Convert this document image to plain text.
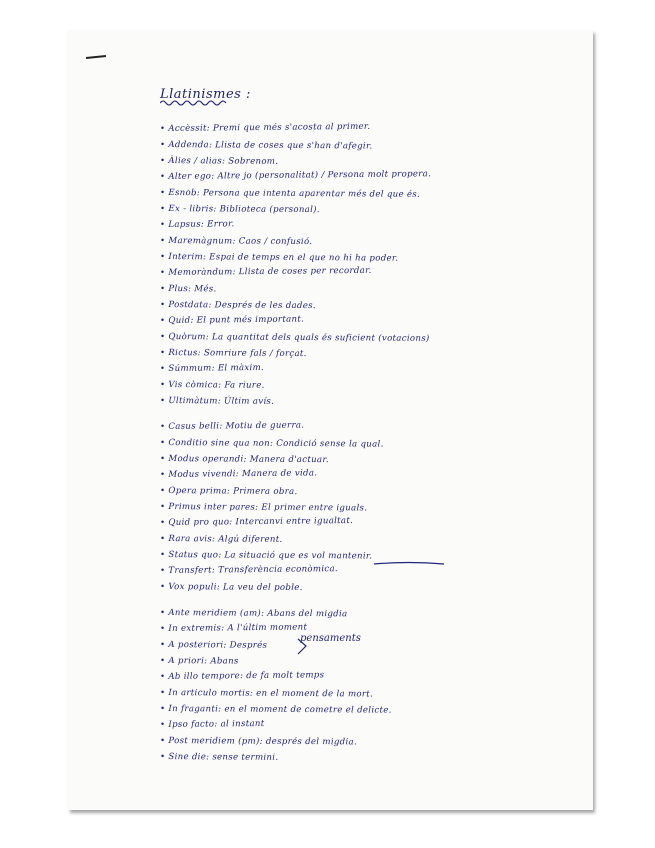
Llatinismes :
• Accèssit: Premi que més s'acosta al primer.
• Addenda: Llista de coses que s'han d'afegir.
• Àlies / alias: Sobrenom.
• Alter ego: Altre jo (personalitat) / Persona molt propera.
• Esnob: Persona que intenta aparentar més del que és.
• Ex - libris: Biblioteca (personal).
• Lapsus: Error.
• Maremàgnum: Caos / confusió.
• Interim: Espai de temps en el que no hi ha poder.
• Memoràndum: Llista de coses per recordar.
• Plus: Més.
• Postdata: Després de les dades.
• Quid: El punt més important.
• Quòrum: La quantitat dels quals és suficient (votacions)
• Rictus: Somriure fals / forçat.
• Súmmum: El màxim.
• Vis còmica: Fa riure.
• Ultimàtum: Últim avís.
• Casus belli: Motiu de guerra.
• Conditio sine qua non: Condició sense la qual.
• Modus operandi: Manera d'actuar.
• Modus vivendi: Manera de vida.
• Opera prima: Primera obra.
• Primus inter pares: El primer entre iguals.
• Quid pro quo: Intercanvi entre igualtat.
• Rara avis: Algú diferent.
• Status quo: La situació que es vol mantenir.
• Transfert: Transferència econòmica.
• Vox populi: La veu del poble.
• Ante meridiem (am): Abans del migdia
• In extremis: A l'últim moment
• A posteriori: Després
• A priori: Abans
• Ab illo tempore: de fa molt temps
• In articulo mortis: en el moment de la mort.
• In fraganti: en el moment de cometre el delicte.
• Ipso facto: al instant
• Post meridiem (pm): després del migdia.
• Sine die: sense termini.
pensaments
